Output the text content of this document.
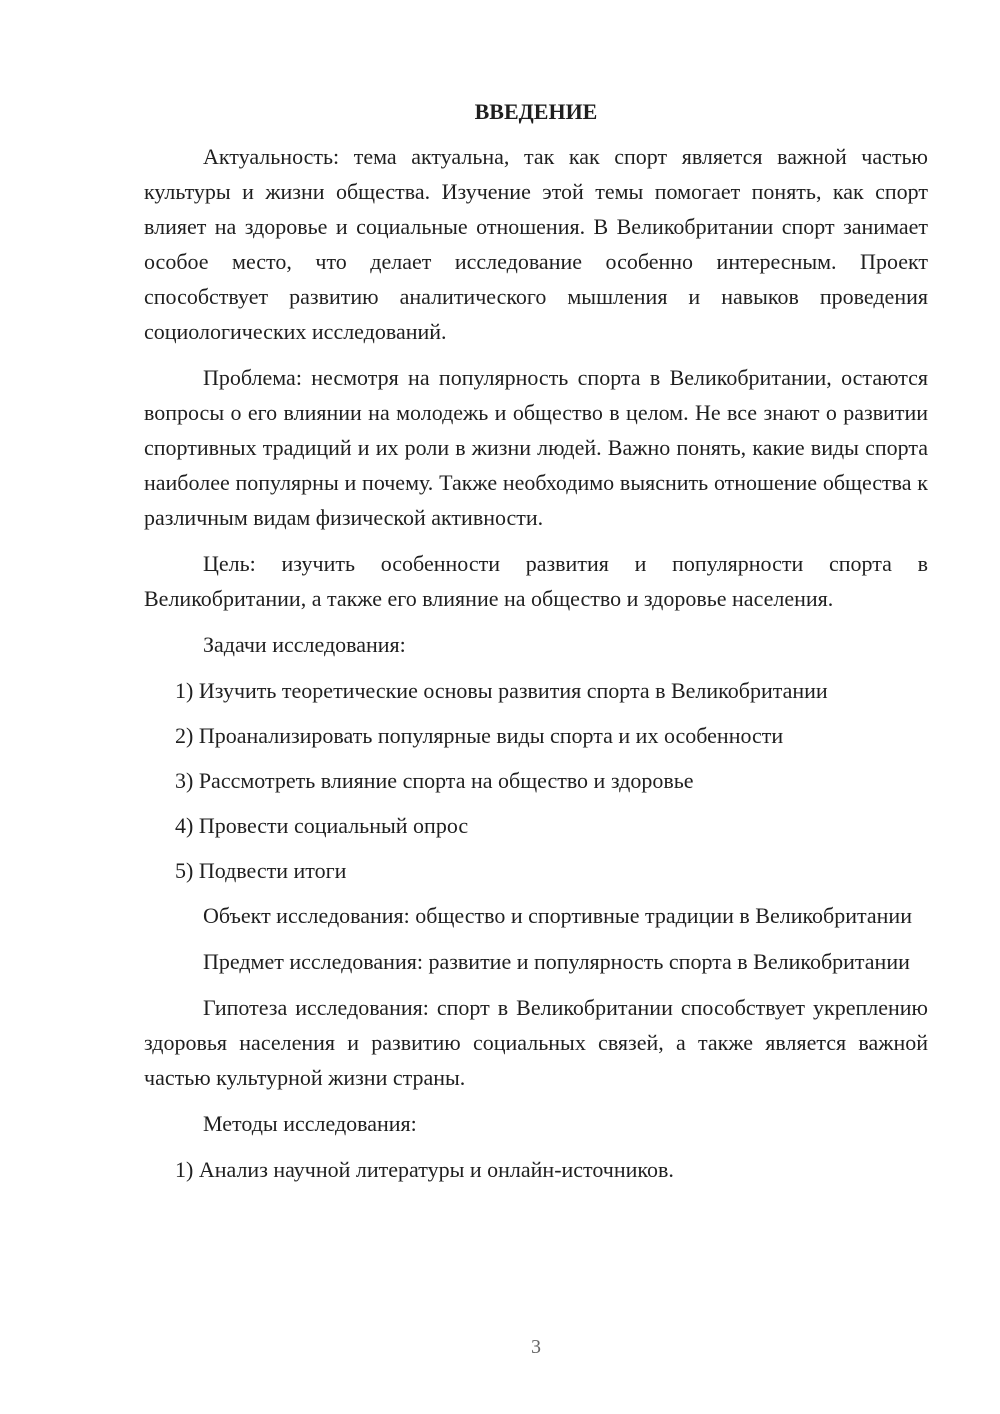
ВВЕДЕНИЕ

Актуальность: тема актуальна, так как спорт является важной частью культуры и жизни общества. Изучение этой темы помогает понять, как спорт влияет на здоровье и социальные отношения. В Великобритании спорт занимает особое место, что делает исследование особенно интересным. Проект способствует развитию аналитического мышления и навыков проведения социологических исследований.

Проблема: несмотря на популярность спорта в Великобритании, остаются вопросы о его влиянии на молодежь и общество в целом. Не все знают о развитии спортивных традиций и их роли в жизни людей. Важно понять, какие виды спорта наиболее популярны и почему. Также необходимо выяснить отношение общества к различным видам физической активности.

Цель: изучить особенности развития и популярности спорта в Великобритании, а также его влияние на общество и здоровье населения.

Задачи исследования:

1) Изучить теоретические основы развития спорта в Великобритании

2) Проанализировать популярные виды спорта и их особенности

3) Рассмотреть влияние спорта на общество и здоровье

4) Провести социальный опрос

5) Подвести итоги

Объект исследования: общество и спортивные традиции в Великобритании

Предмет исследования: развитие и популярность спорта в Великобритании

Гипотеза исследования: спорт в Великобритании способствует укреплению здоровья населения и развитию социальных связей, а также является важной частью культурной жизни страны.

Методы исследования:

1) Анализ научной литературы и онлайн-источников.

3
